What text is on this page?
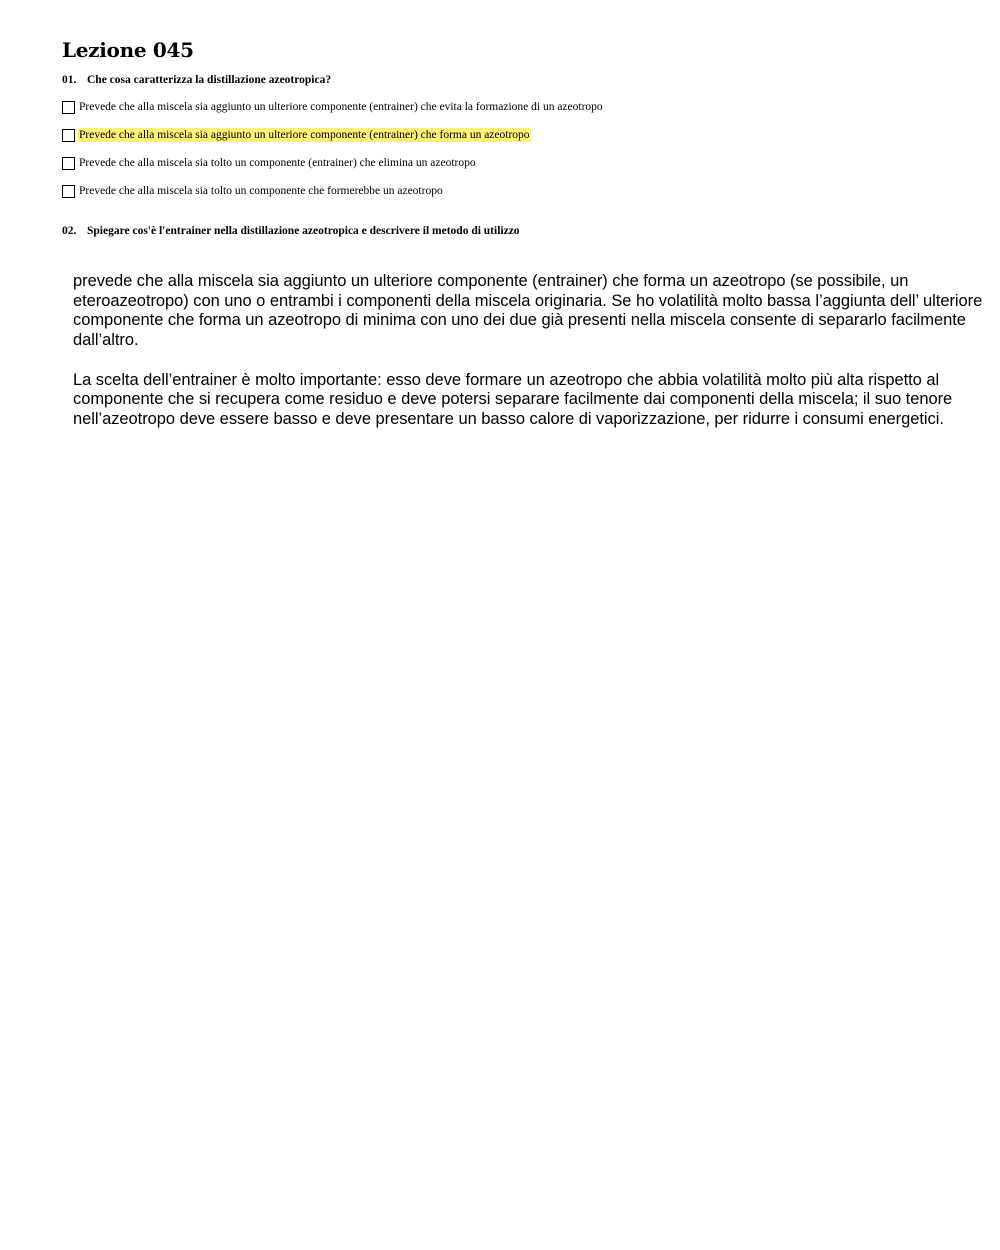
Lezione 045
01. Che cosa caratterizza la distillazione azeotropica?
Prevede che alla miscela sia aggiunto un ulteriore componente (entrainer) che evita la formazione di un azeotropo
Prevede che alla miscela sia aggiunto un ulteriore componente (entrainer) che forma un azeotropo
Prevede che alla miscela sia tolto un componente (entrainer) che elimina un azeotropo
Prevede che alla miscela sia tolto un componente che formerebbe un azeotropo
02. Spiegare cos'è l'entrainer nella distillazione azeotropica e descrivere il metodo di utilizzo

prevede che alla miscela sia aggiunto un ulteriore componente (entrainer) che forma un azeotropo (se possibile, un eteroazeotropo) con uno o entrambi i componenti della miscela originaria. Se ho volatilità molto bassa l’aggiunta dell’ ulteriore componente che forma un azeotropo di minima con uno dei due già presenti nella miscela consente di separarlo facilmente dall’altro.

La scelta dell’entrainer è molto importante: esso deve formare un azeotropo che abbia volatilità molto più alta rispetto al componente che si recupera come residuo e deve potersi separare facilmente dai componenti della miscela; il suo tenore nell’azeotropo deve essere basso e deve presentare un basso calore di vaporizzazione, per ridurre i consumi energetici.
